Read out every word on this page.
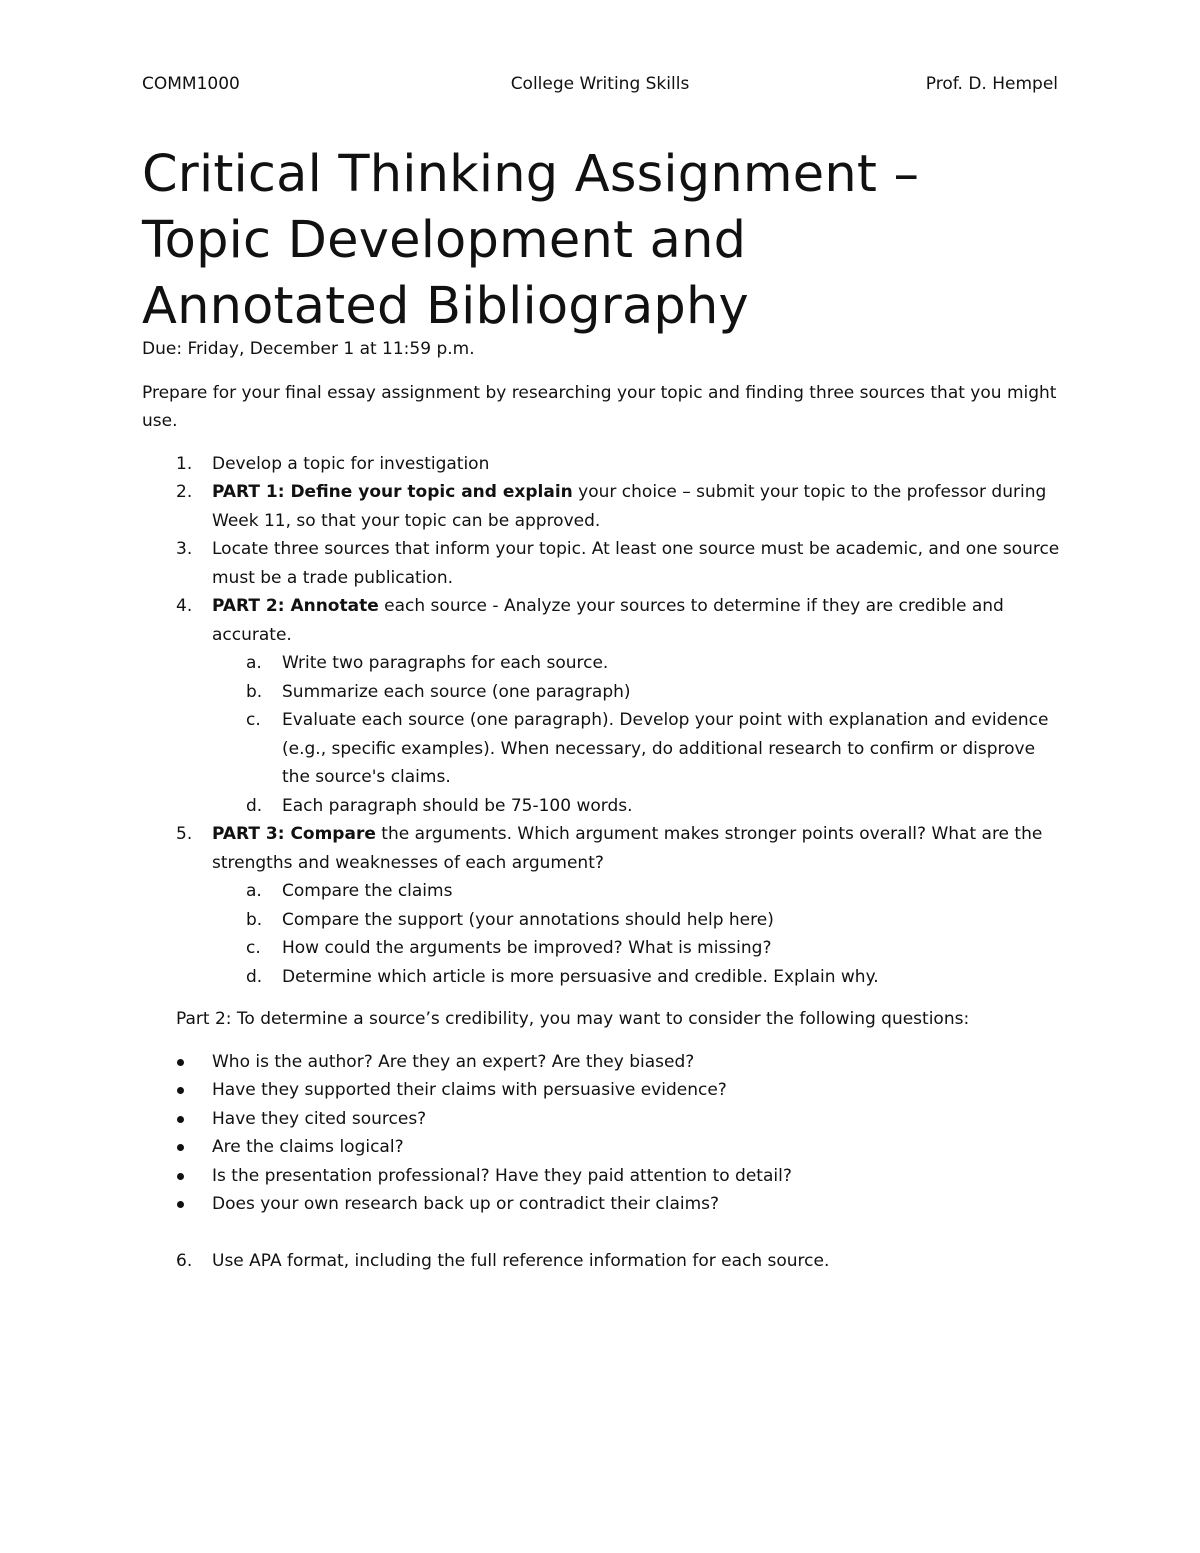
COMM1000	College Writing Skills	Prof. D. Hempel
Critical Thinking Assignment –
Topic Development and
Annotated Bibliography

Due: Friday, December 1 at 11:59 p.m.

Prepare for your final essay assignment by researching your topic and finding three sources that you might use.

1. Develop a topic for investigation
2. PART 1: Define your topic and explain your choice – submit your topic to the professor during Week 11, so that your topic can be approved.
3. Locate three sources that inform your topic. At least one source must be academic, and one source must be a trade publication.
4. PART 2: Annotate each source - Analyze your sources to determine if they are credible and accurate.
a. Write two paragraphs for each source.
b. Summarize each source (one paragraph)
c. Evaluate each source (one paragraph). Develop your point with explanation and evidence (e.g., specific examples). When necessary, do additional research to confirm or disprove the source's claims.
d. Each paragraph should be 75-100 words.
5. PART 3: Compare the arguments. Which argument makes stronger points overall? What are the strengths and weaknesses of each argument?
a. Compare the claims
b. Compare the support (your annotations should help here)
c. How could the arguments be improved? What is missing?
d. Determine which article is more persuasive and credible. Explain why.

Part 2: To determine a source’s credibility, you may want to consider the following questions:

Who is the author? Are they an expert? Are they biased?
Have they supported their claims with persuasive evidence?
Have they cited sources?
Are the claims logical?
Is the presentation professional? Have they paid attention to detail?
Does your own research back up or contradict their claims?

6. Use APA format, including the full reference information for each source.
